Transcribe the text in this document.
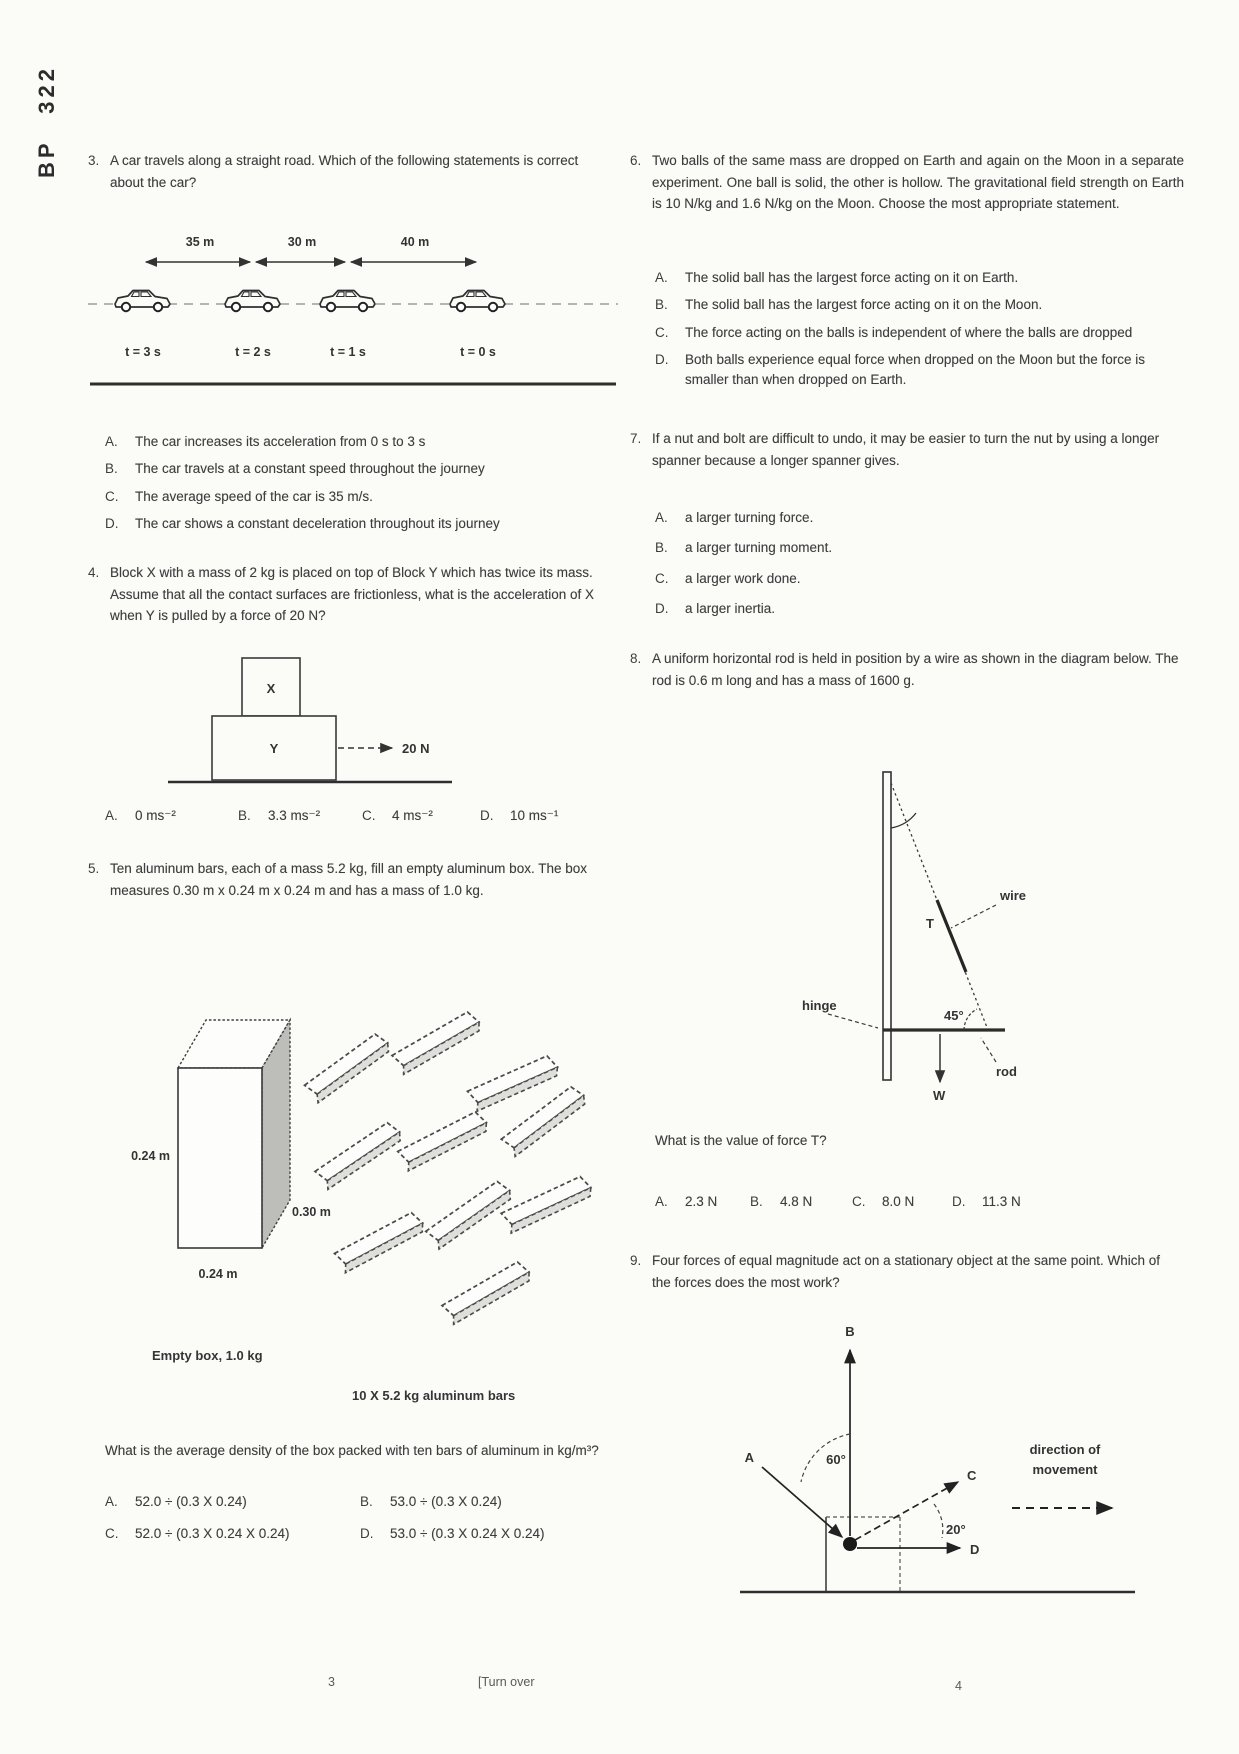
BP 322 3. A car travels along a straight road. Which of the following statements is correct about the car?
35 m	30 m	40 m
t = 3 s	t = 2 s	t = 1 s	t = 0 s
A.	The car increases its acceleration from 0 s to 3 s
B.	The car travels at a constant speed throughout the journey
C.	The average speed of the car is 35 m/s.
D.	The car shows a constant deceleration throughout its journey
4. Block X with a mass of 2 kg is placed on top of Block Y which has twice its mass. Assume that all the contact surfaces are frictionless, what is the acceleration of X when Y is pulled by a force of 20 N?
X
Y	20 N
A.	0 ms⁻²	B.	3.3 ms⁻²	C.	4 ms⁻²	D.	10 ms⁻¹
5. Ten aluminum bars, each of a mass 5.2 kg, fill an empty aluminum box. The box measures 0.30 m x 0.24 m x 0.24 m and has a mass of 1.0 kg.
0.24 m
0.30 m
0.24 m
Empty box, 1.0 kg
10 X 5.2 kg aluminum bars
What is the average density of the box packed with ten bars of aluminum in kg/m³?
A.	52.0 ÷ (0.3 X 0.24)	B.	53.0 ÷ (0.3 X 0.24)
C.	52.0 ÷ (0.3 X 0.24 X 0.24)	D.	53.0 ÷ (0.3 X 0.24 X 0.24)
6. Two balls of the same mass are dropped on Earth and again on the Moon in a separate experiment. One ball is solid, the other is hollow. The gravitational field strength on Earth is 10 N/kg and 1.6 N/kg on the Moon. Choose the most appropriate statement.
A.	The solid ball has the largest force acting on it on Earth.
B.	The solid ball has the largest force acting on it on the Moon.
C.	The force acting on the balls is independent of where the balls are dropped
D.	Both balls experience equal force when dropped on the Moon but the force is smaller than when dropped on Earth.
7. If a nut and bolt are difficult to undo, it may be easier to turn the nut by using a longer spanner because a longer spanner gives.
A.	a larger turning force.
B.	a larger turning moment.
C.	a larger work done.
D.	a larger inertia.
8. A uniform horizontal rod is held in position by a wire as shown in the diagram below. The rod is 0.6 m long and has a mass of 1600 g.
wire
T
45°
hinge
W
rod
What is the value of force T?
A.	2.3 N B.	4.8 N	C.	8.0 N	D.	11.3 N
9. Four forces of equal magnitude act on a stationary object at the same point. Which of the forces does the most work?
B
A	60°
C
20°
D
direction of
movement
3	[Turn over	4
